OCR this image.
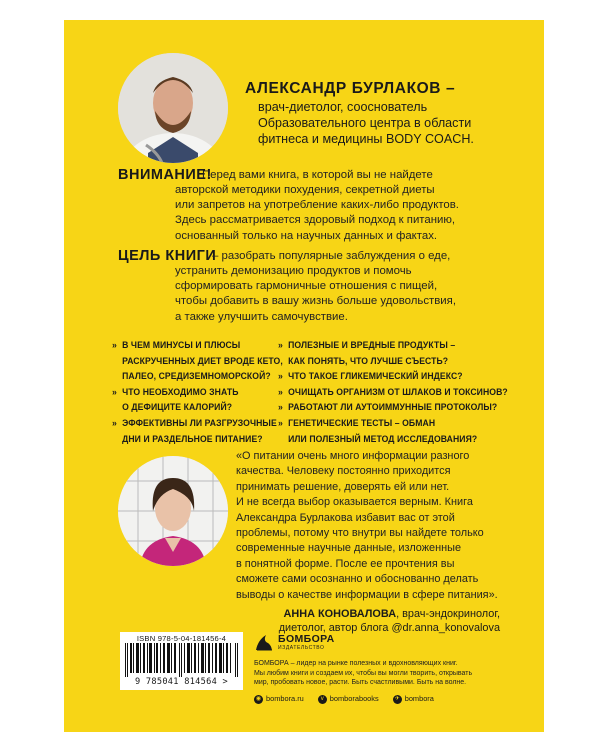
АЛЕКСАНДР БУРЛАКОВ –
врач-диетолог, сооснователь
Образовательного центра в области
фитнеса и медицины BODY COACH.
ВНИМАНИЕ!
Перед вами книга, в которой вы не найдете
авторской методики похудения, секретной диеты
или запретов на употребление каких-либо продуктов.
Здесь рассматривается здоровый подход к питанию,
основанный только на научных данных и фактах.
ЦЕЛЬ КНИГИ
– разобрать популярные заблуждения о еде,
устранить демонизацию продуктов и помочь
сформировать гармоничные отношения с пищей,
чтобы добавить в вашу жизнь больше удовольствия,
а также улучшить самочувствие.
» В ЧЕМ МИНУСЫ И ПЛЮСЫ
РАСКРУЧЕННЫХ ДИЕТ ВРОДЕ КЕТО,
ПАЛЕО, СРЕДИЗЕМНОМОРСКОЙ?
» ЧТО НЕОБХОДИМО ЗНАТЬ
О ДЕФИЦИТЕ КАЛОРИЙ?
» ЭФФЕКТИВНЫ ЛИ РАЗГРУЗОЧНЫЕ
ДНИ И РАЗДЕЛЬНОЕ ПИТАНИЕ?
» ПОЛЕЗНЫЕ И ВРЕДНЫЕ ПРОДУКТЫ –
КАК ПОНЯТЬ, ЧТО ЛУЧШЕ СЪЕСТЬ?
» ЧТО ТАКОЕ ГЛИКЕМИЧЕСКИЙ ИНДЕКС?
» ОЧИЩАТЬ ОРГАНИЗМ ОТ ШЛАКОВ И ТОКСИНОВ?
» РАБОТАЮТ ЛИ АУТОИММУННЫЕ ПРОТОКОЛЫ?
» ГЕНЕТИЧЕСКИЕ ТЕСТЫ – ОБМАН
ИЛИ ПОЛЕЗНЫЙ МЕТОД ИССЛЕДОВАНИЯ?
«О питании очень много информации разного
качества. Человеку постоянно приходится
принимать решение, доверять ей или нет.
И не всегда выбор оказывается верным. Книга
Александра Бурлакова избавит вас от этой
проблемы, потому что внутри вы найдете только
современные научные данные, изложенные
в понятной форме. После ее прочтения вы
сможете сами осознанно и обоснованно делать
выводы о качестве информации в сфере питания».
АННА КОНОВАЛОВА, врач-эндокринолог,
диетолог, автор блога @dr.anna_konovalova
ISBN 978-5-04-181456-4
9 785041 814564 >
БОМБОРА
ИЗДАТЕЛЬСТВО
БОМБОРА – лидер на рынке полезных и вдохновляющих книг.
Мы любим книги и создаем их, чтобы вы могли творить, открывать
мир, пробовать новое, расти. Быть счастливыми. Быть на волне.
◉ bombora.ru	v bomborabooks	✈ bombora
